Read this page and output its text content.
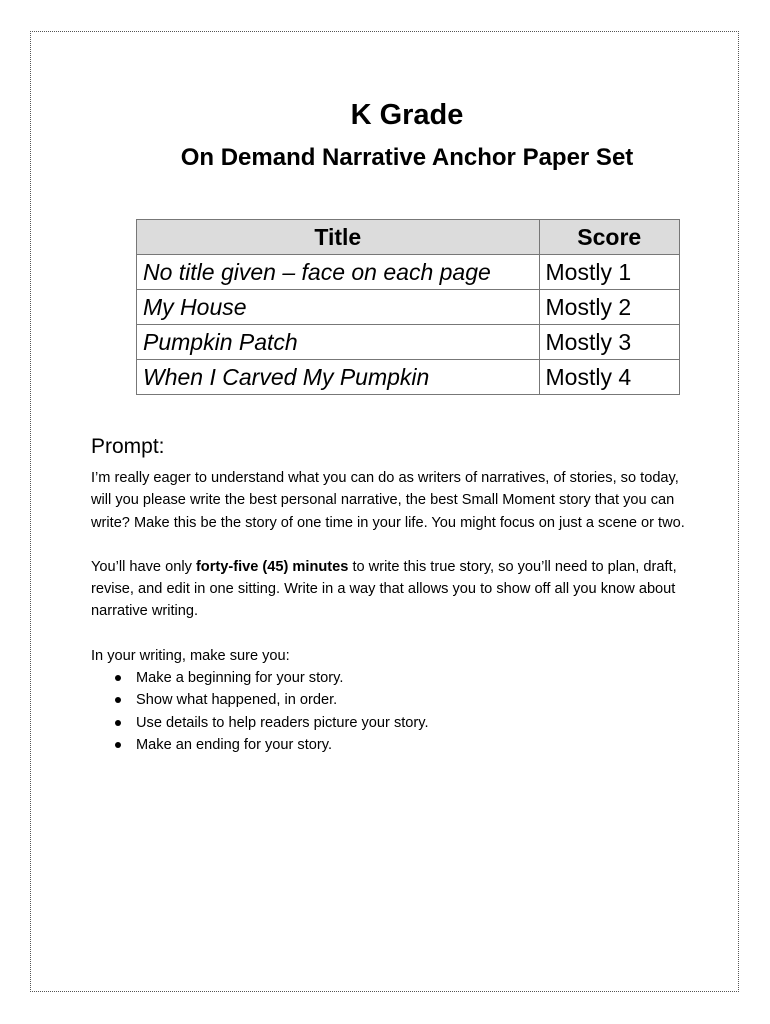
K Grade
On Demand Narrative Anchor Paper Set
Title	Score
No title given – face on each page	Mostly 1
My House	Mostly 2
Pumpkin Patch	Mostly 3
When I Carved My Pumpkin	Mostly 4
Prompt:

I’m really eager to understand what you can do as writers of narratives, of stories, so today, will you please write the best personal narrative, the best Small Moment story that you can write? Make this be the story of one time in your life. You might focus on just a scene or two.

You’ll have only forty-five (45) minutes to write this true story, so you’ll need to plan, draft, revise, and edit in one sitting. Write in a way that allows you to show off all you know about narrative writing.

In your writing, make sure you:

Make a beginning for your story.
Show what happened, in order.
Use details to help readers picture your story.
Make an ending for your story.
